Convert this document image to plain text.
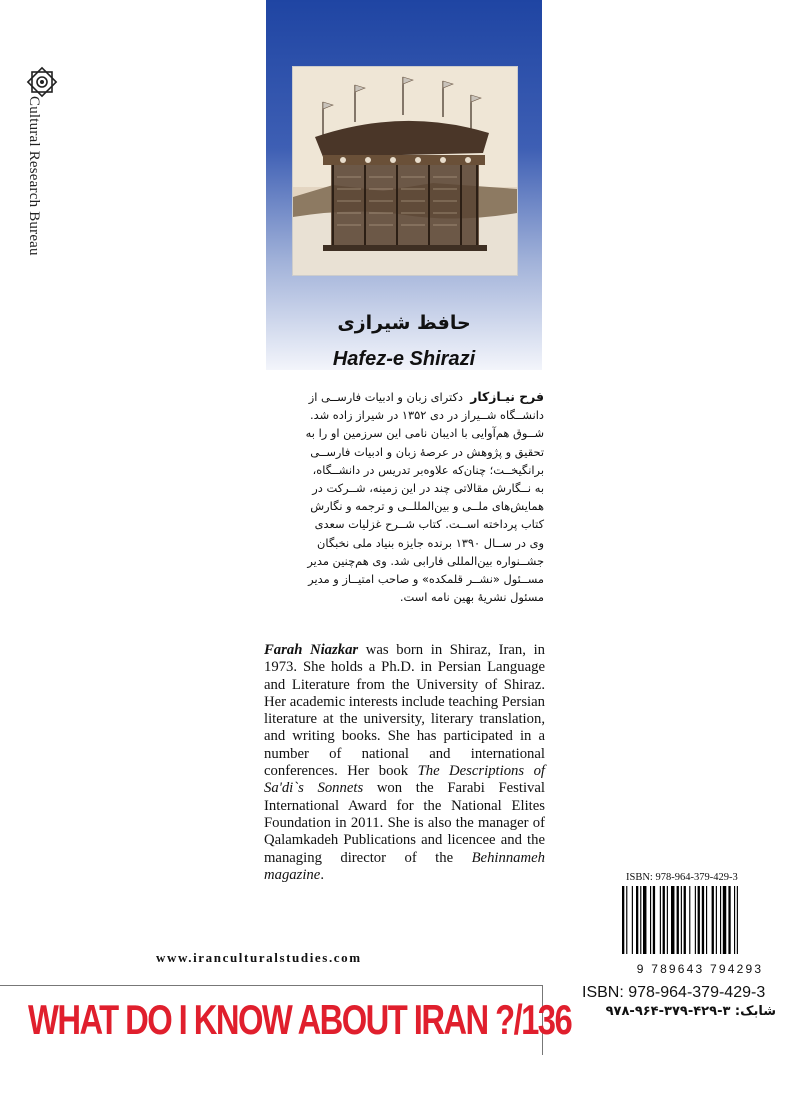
Cultural Research Bureau
حافظ شیرازی
Hafez-e Shirazi
فرح نیـازکار  دکترای زبان و ادبیات فارســی از
دانشــگاه شــیراز در دی ۱۳۵۲ در شیراز زاده شد.
شــوق هم‌آوایی با ادیبان نامی این سرزمین او را به
تحقیق و پژوهش در عرصهٔ زبان و ادبیات فارســی
برانگیخــت؛ چنان‌که علاوه‌بر تدریس در دانشــگاه،
به نــگارش مقالاتی چند در این زمینه، شــرکت در
همایش‌های ملــی و بین‌المللــی و ترجمه و نگارش
کتاب پرداخته اســت. کتاب شــرح غزلیات سعدی
وی در ســال ۱۳۹۰ برنده جایزه بنیاد ملی نخبگان
جشــنواره بین‌المللی فارابی شد. وی هم‌چنین مدیر
مســئول «نشــر قلمکده» و صاحب امتیــاز و مدیر
مسئول نشریهٔ بهین نامه است.
Farah Niazkar was born in Shiraz, Iran, in 1973. She holds a Ph.D. in Persian Language and Literature from the University of Shiraz. Her academic interests include teaching Persian literature at the university, literary translation, and writing books. She has participated in a number of national and international conferences. Her book The Descriptions of Sa'di`s Sonnets won the Farabi Festival International Award for the National Elites Foundation in 2011. She is also the manager of Qalamkadeh Publications and licencee and the managing director of the Behinnameh magazine.
www.iranculturalstudies.com
WHAT DO I KNOW ABOUT IRAN ?/136
ISBN: 978-964-379-429-3
9 789643 794293
ISBN: 978-964-379-429-3
شابک: ۳-۴۲۹-۳۷۹-۹۶۴-۹۷۸
